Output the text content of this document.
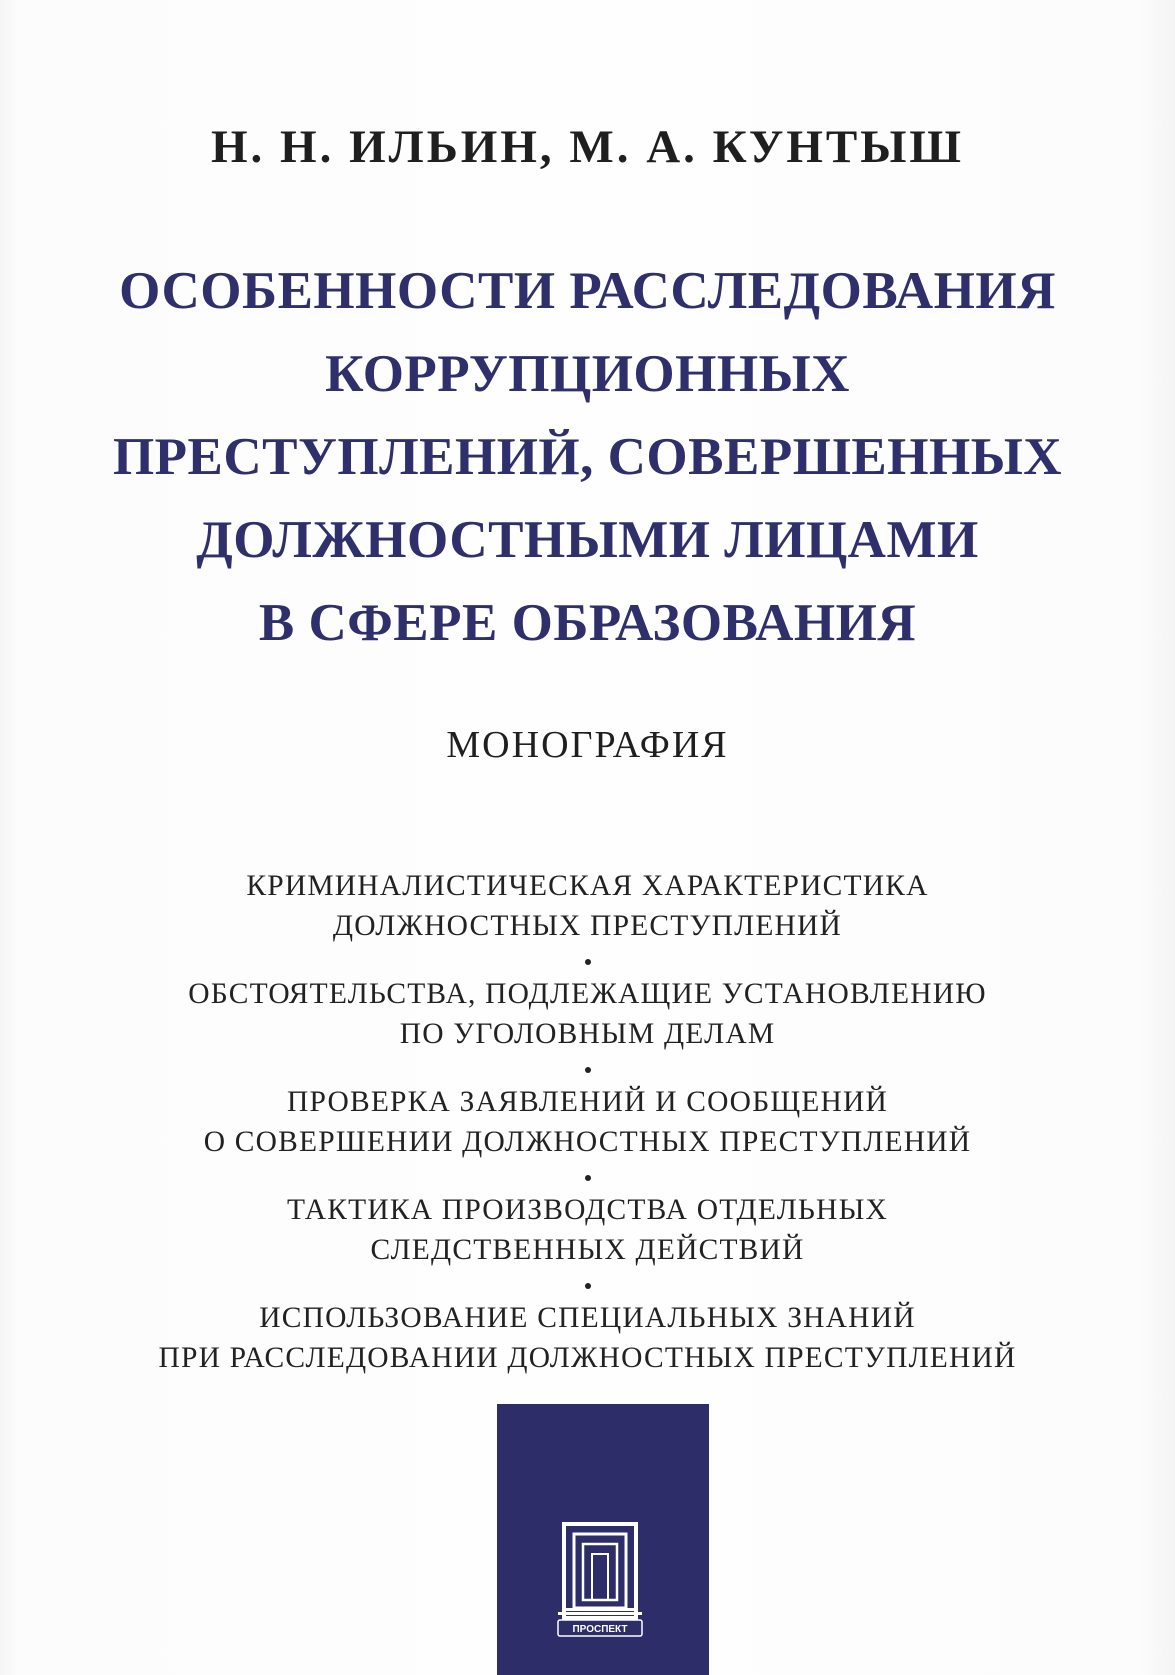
Н. Н. ИЛЬИН, М. А. КУНТЫШ
ОСОБЕННОСТИ РАССЛЕДОВАНИЯ
КОРРУПЦИОННЫХ
ПРЕСТУПЛЕНИЙ, СОВЕРШЕННЫХ
ДОЛЖНОСТНЫМИ ЛИЦАМИ
В СФЕРЕ ОБРАЗОВАНИЯ
МОНОГРАФИЯ
КРИМИНАЛИСТИЧЕСКАЯ ХАРАКТЕРИСТИКА
ДОЛЖНОСТНЫХ ПРЕСТУПЛЕНИЙ
ОБСТОЯТЕЛЬСТВА, ПОДЛЕЖАЩИЕ УСТАНОВЛЕНИЮ
ПО УГОЛОВНЫМ ДЕЛАМ
ПРОВЕРКА ЗАЯВЛЕНИЙ И СООБЩЕНИЙ
О СОВЕРШЕНИИ ДОЛЖНОСТНЫХ ПРЕСТУПЛЕНИЙ
ТАКТИКА ПРОИЗВОДСТВА ОТДЕЛЬНЫХ
СЛЕДСТВЕННЫХ ДЕЙСТВИЙ
ИСПОЛЬЗОВАНИЕ СПЕЦИАЛЬНЫХ ЗНАНИЙ
ПРИ РАССЛЕДОВАНИИ ДОЛЖНОСТНЫХ ПРЕСТУПЛЕНИЙ
ПРОСПЕКТ
